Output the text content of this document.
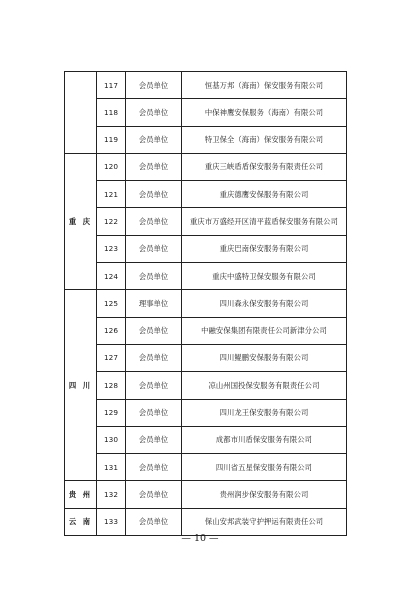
	117	会员单位	恒基万邦（海南）保安服务有限公司
	118	会员单位	中保神鹰安保服务（海南）有限公司
	119	会员单位	特卫保全（海南）保安服务有限公司
重 庆	120	会员单位	重庆三峡盾盾保安服务有限责任公司
	121	会员单位	重庆德鹰安保服务有限公司
	122	会员单位	重庆市万盛经开区清平蓝盾保安服务有限公司
	123	会员单位	重庆巴南保安服务有限公司
	124	会员单位	重庆中盛特卫保安服务有限公司
四 川	125	理事单位	四川森永保安服务有限公司
	126	会员单位	中融安保集团有限责任公司新津分公司
	127	会员单位	四川鲲鹏安保服务有限公司
	128	会员单位	凉山州国投保安服务有限责任公司
	129	会员单位	四川龙王保安服务有限公司
	130	会员单位	成都市川盾保安服务有限公司
	131	会员单位	四川省五星保安服务有限公司
贵 州	132	会员单位	贵州润步保安服务有限公司
云 南	133	会员单位	保山安邦武装守护押运有限责任公司
— 10 —
